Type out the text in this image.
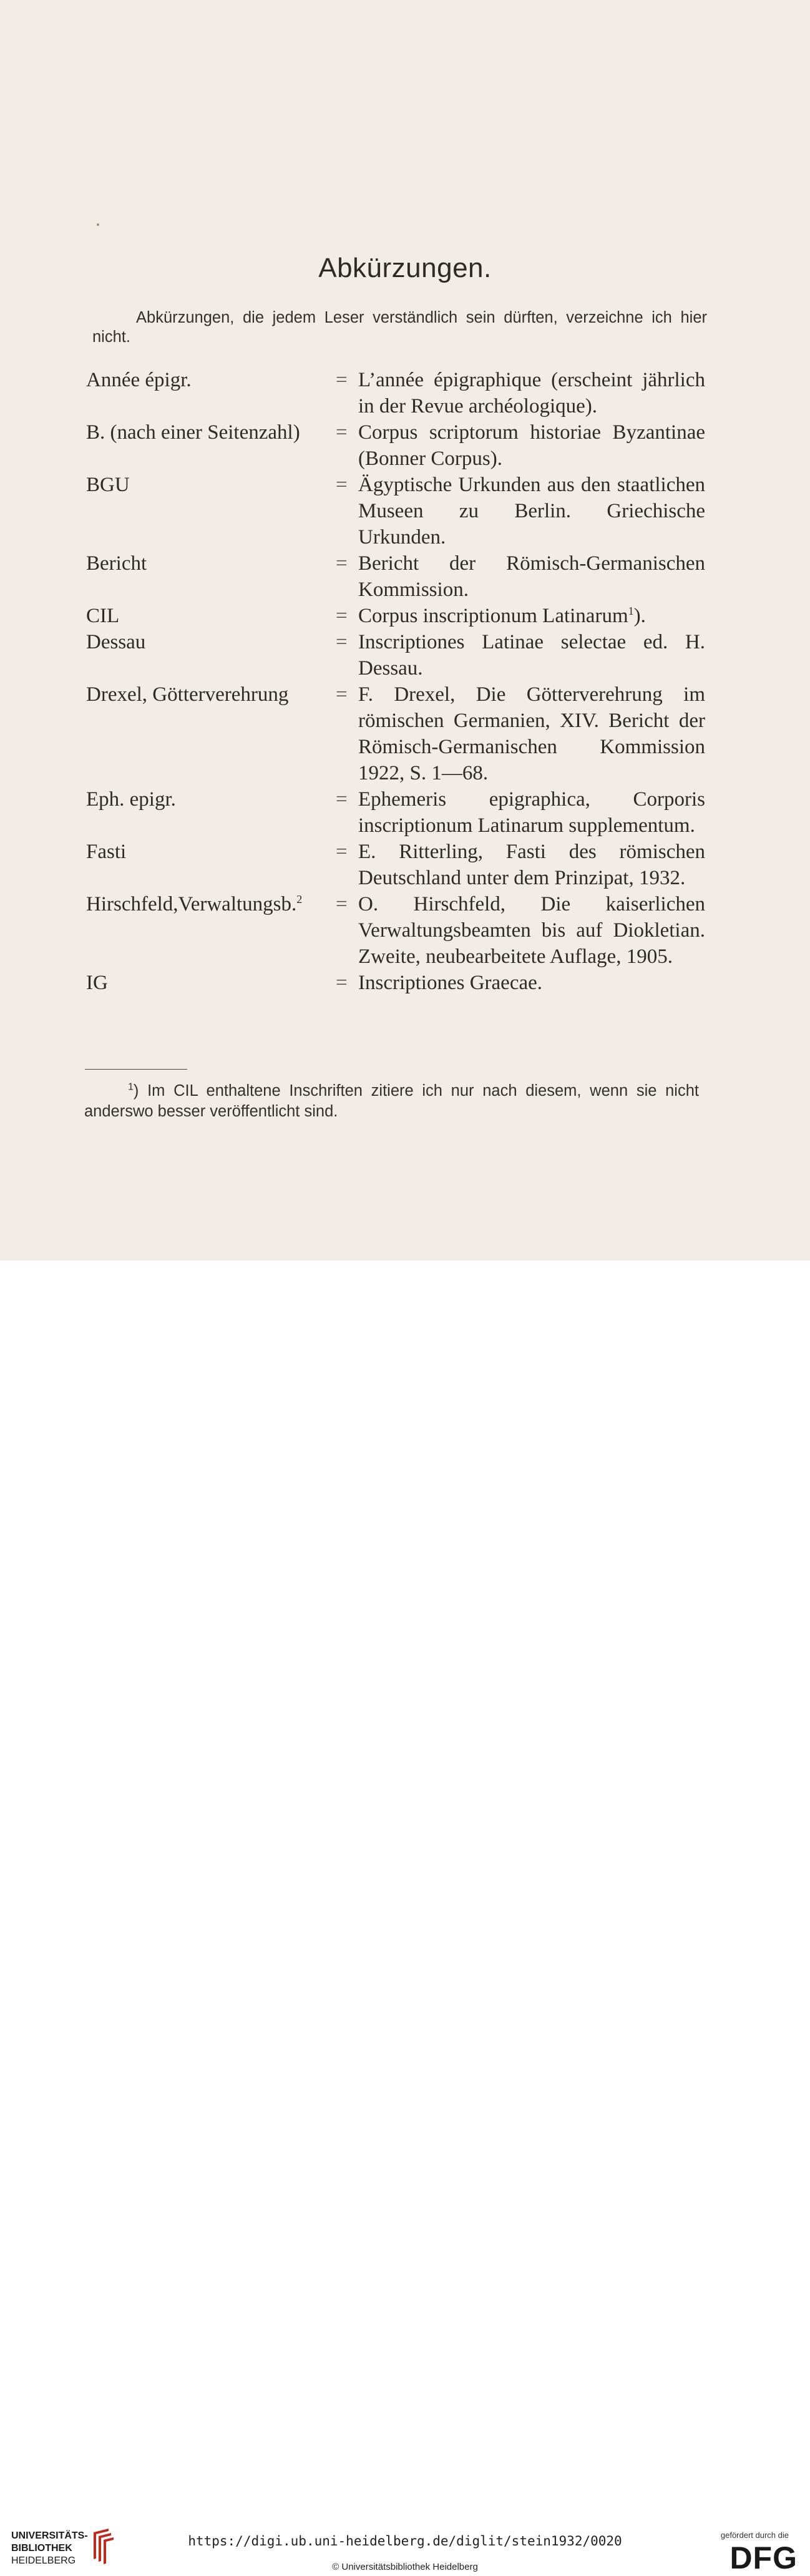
Abkürzungen.
Abkürzungen, die jedem Leser verständlich sein dürften, verzeichne ich hier nicht.
Année épigr.	= L’année épigraphique (erscheint jährlich in der Revue archéologique).
B. (nach einer Seitenzahl)	= Corpus scriptorum historiae Byzantinae (Bonner Corpus).
BGU	= Ägyptische Urkunden aus den staatlichen Museen zu Berlin. Griechische Urkunden.
Bericht	= Bericht der Römisch-Germanischen Kommission.
CIL	= Corpus inscriptionum Latinarum$^1$).
Dessau	= Inscriptiones Latinae selectae ed. H. Dessau.
Drexel, Götterverehrung	= F. Drexel, Die Götterverehrung im römischen Germanien, XIV. Bericht der Römisch-Germanischen Kommission 1922, S. 1—68.
Eph. epigr.	= Ephemeris epigraphica, Corporis inscriptionum Latinarum supplementum.
Fasti	= E. Ritterling, Fasti des römischen Deutschland unter dem Prinzipat, 1932.
Hirschfeld,Verwaltungsb.$^2$	= O. Hirschfeld, Die kaiserlichen Verwaltungsbeamten bis auf Diokletian. Zweite, neubearbeitete Auflage, 1905.
IG	= Inscriptiones Graecae.
$^1$) Im CIL enthaltene Inschriften zitiere ich nur nach diesem, wenn sie nicht anderswo besser veröffentlicht sind.
UNIVERSITÄTS-
BIBLIOTHEK
HEIDELBERG
https://digi.ub.uni-heidelberg.de/diglit/stein1932/0020
© Universitätsbibliothek Heidelberg
gefördert durch die
DFG
